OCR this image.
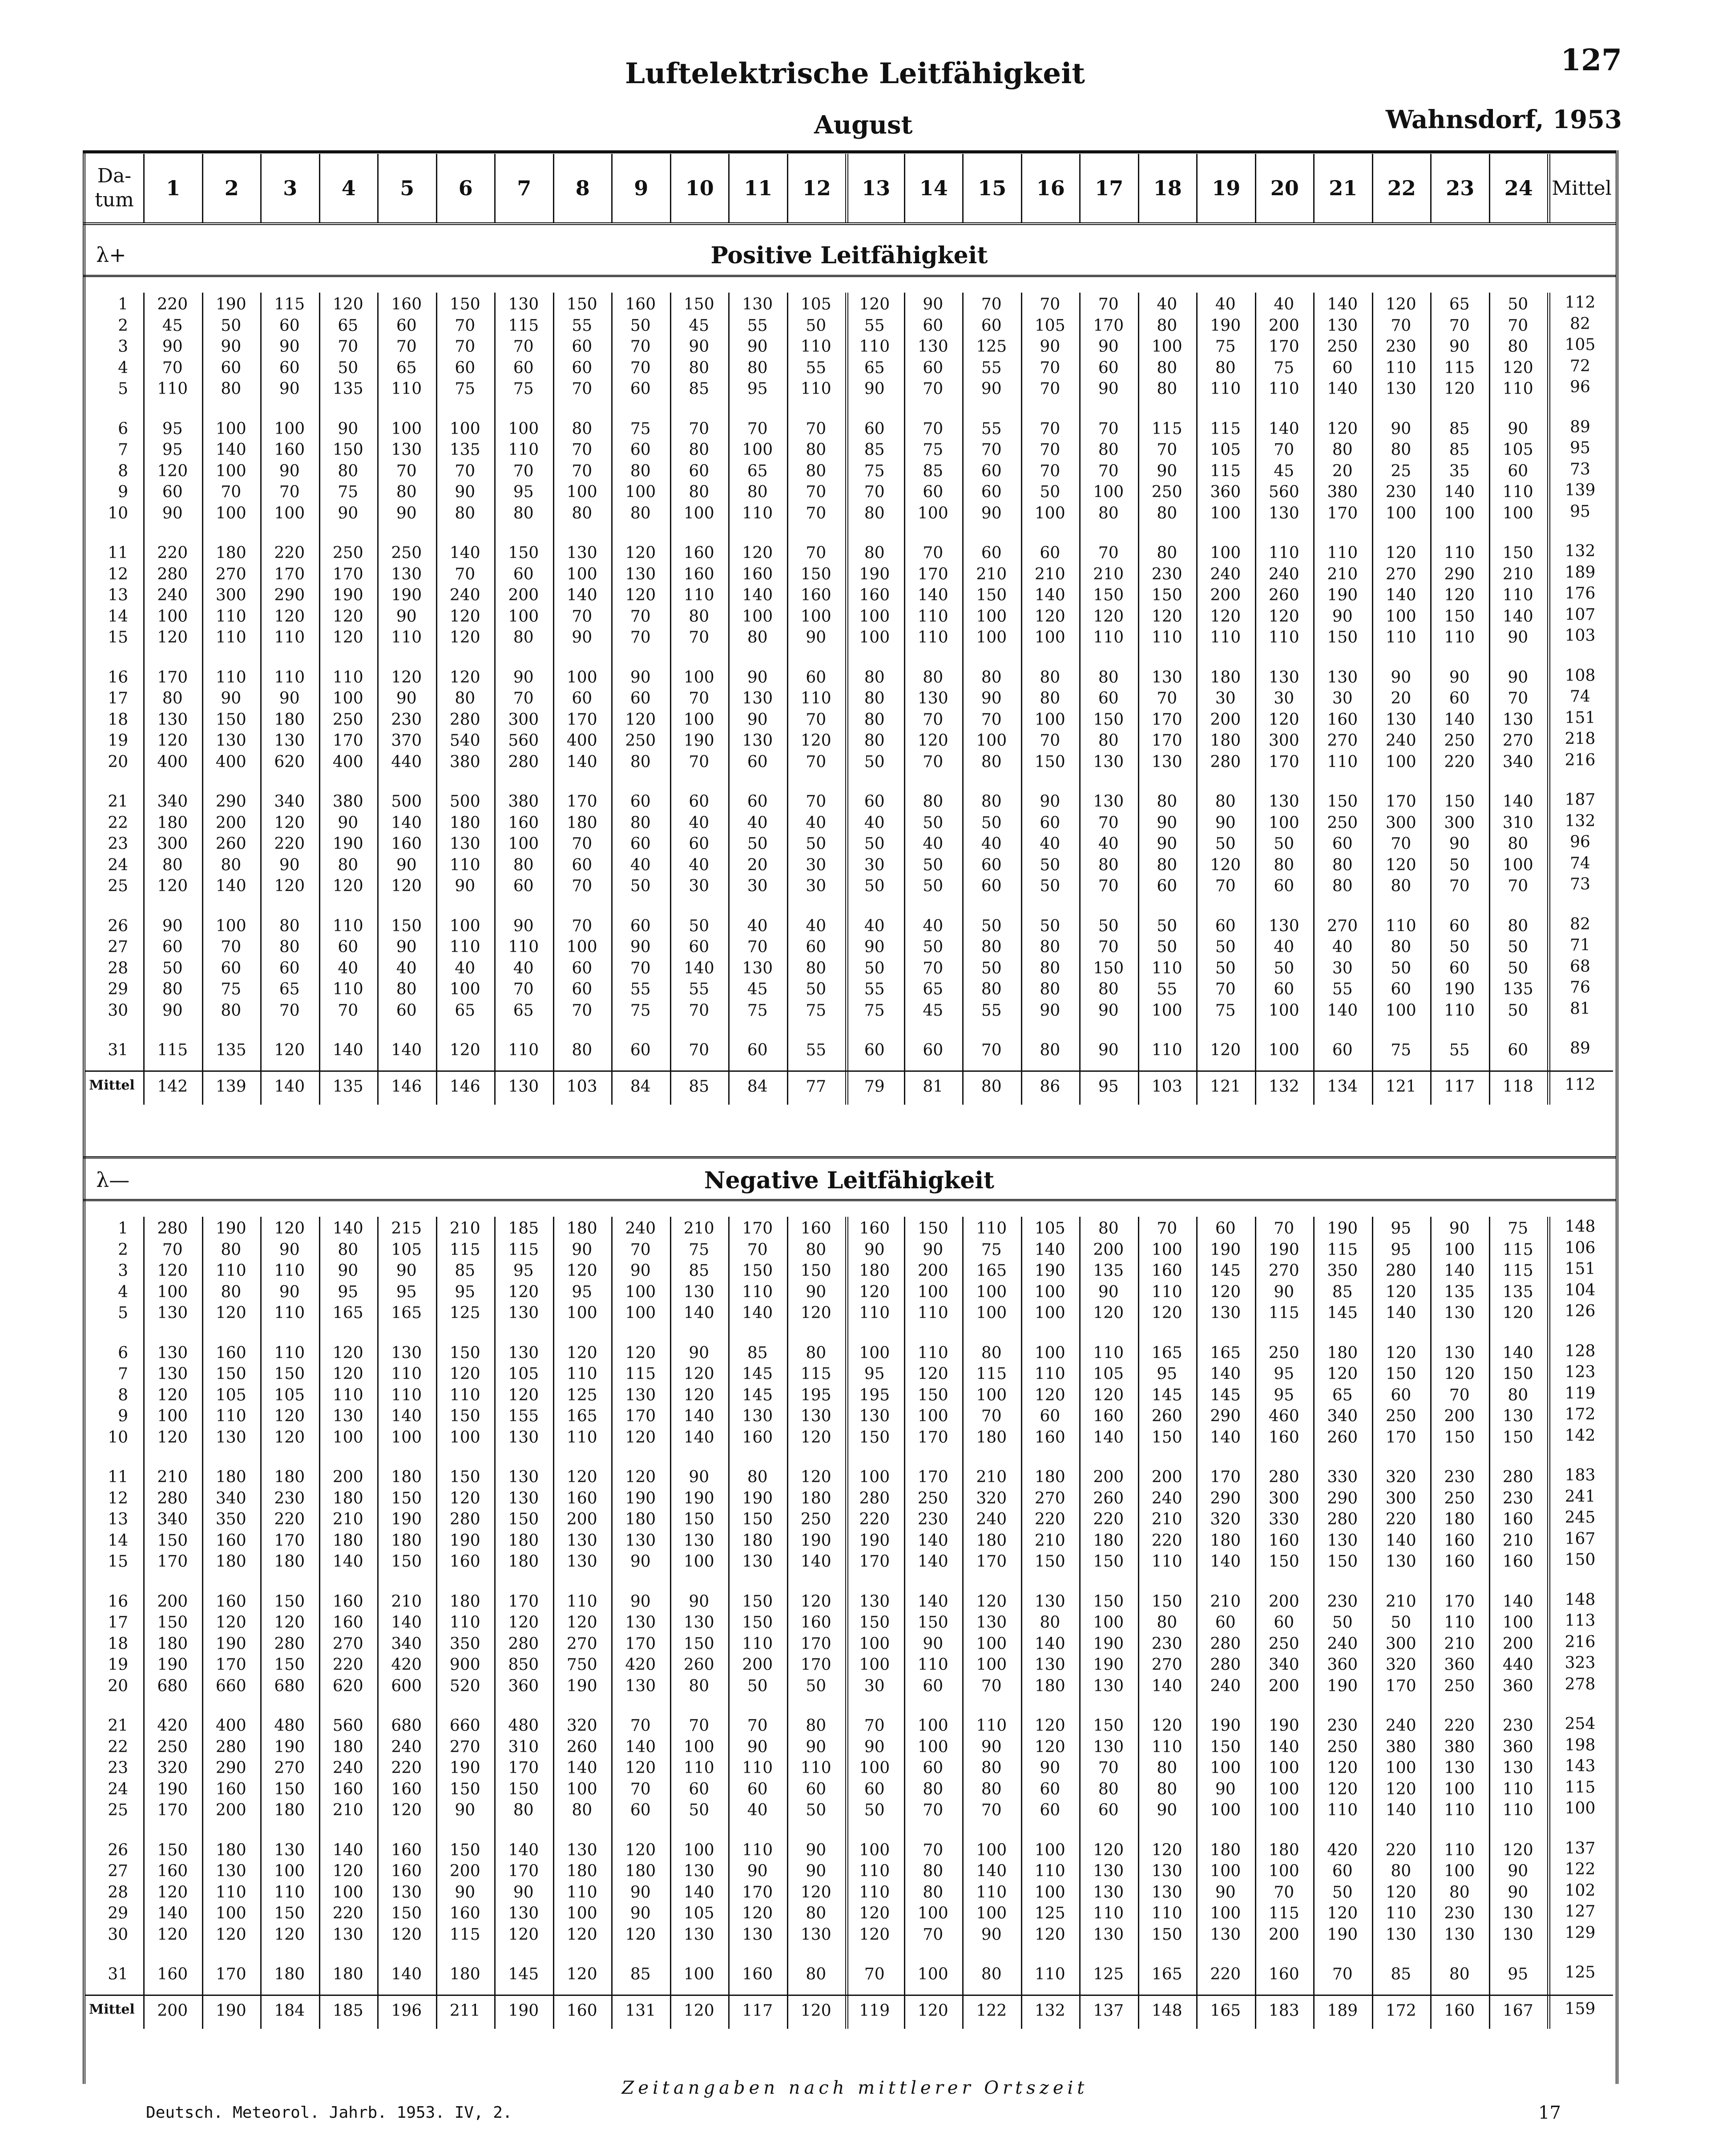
Luftelektrische Leitfähigkeit	127
August	Wahnsdorf, 1953
Da-
tum	1	2	3	4	5	6	7	8	9	10	11	12	13	14	15	16	17	18	19	20	21	22	23	24 Mittel
λ+	Positive Leitfähigkeit
1	220	190	115	120	160	150	130	150	160	150	130	105	120	90	70	70	70	40	40	40	140	120	65	50	112
2	45	50	60	65	60	70	115	55	50	45	55	50	55	60	60	105	170	80	190	200	130	70	70	70	82
3	90	90	90	70	70	70	70	60	70	90	90	110	110	130	125	90	90	100	75	170	250	230	90	80	105
4	70	60	60	50	65	60	60	60	70	80	80	55	65	60	55	70	60	80	80	75	60	110	115	120	72
5	110	80	90	135	110	75	75	70	60	85	95	110	90	70	90	70	90	80	110	110	140	130	120	110	96
6	95	100	100	90	100	100	100	80	75	70	70	70	60	70	55	70	70	115	115	140	120	90	85	90	89
7	95	140	160	150	130	135	110	70	60	80	100	80	85	75	70	70	80	70	105	70	80	80	85	105	95
8	120	100	90	80	70	70	70	70	80	60	65	80	75	85	60	70	70	90	115	45	20	25	35	60	73
9	60	70	70	75	80	90	95	100	100	80	80	70	70	60	60	50	100	250	360	560	380	230	140	110	139
10	90	100	100	90	90	80	80	80	80	100	110	70	80	100	90	100	80	80	100	130	170	100	100	100	95
11	220	180	220	250	250	140	150	130	120	160	120	70	80	70	60	60	70	80	100	110	110	120	110	150	132
12	280	270	170	170	130	70	60	100	130	160	160	150	190	170	210	210	210	230	240	240	210	270	290	210	189
13	240	300	290	190	190	240	200	140	120	110	140	160	160	140	150	140	150	150	200	260	190	140	120	110	176
14	100	110	120	120	90	120	100	70	70	80	100	100	100	110	100	120	120	120	120	120	90	100	150	140	107
15	120	110	110	120	110	120	80	90	70	70	80	90	100	110	100	100	110	110	110	110	150	110	110	90	103
16	170	110	110	110	120	120	90	100	90	100	90	60	80	80	80	80	80	130	180	130	130	90	90	90	108
17	80	90	90	100	90	80	70	60	60	70	130	110	80	130	90	80	60	70	30	30	30	20	60	70	74
18	130	150	180	250	230	280	300	170	120	100	90	70	80	70	70	100	150	170	200	120	160	130	140	130	151
19	120	130	130	170	370	540	560	400	250	190	130	120	80	120	100	70	80	170	180	300	270	240	250	270	218
20	400	400	620	400	440	380	280	140	80	70	60	70	50	70	80	150	130	130	280	170	110	100	220	340	216
21	340	290	340	380	500	500	380	170	60	60	60	70	60	80	80	90	130	80	80	130	150	170	150	140	187
22	180	200	120	90	140	180	160	180	80	40	40	40	40	50	50	60	70	90	90	100	250	300	300	310	132
23	300	260	220	190	160	130	100	70	60	60	50	50	50	40	40	40	40	90	50	50	60	70	90	80	96
24	80	80	90	80	90	110	80	60	40	40	20	30	30	50	60	50	80	80	120	80	80	120	50	100	74
25	120	140	120	120	120	90	60	70	50	30	30	30	50	50	60	50	70	60	70	60	80	80	70	70	73
26	90	100	80	110	150	100	90	70	60	50	40	40	40	40	50	50	50	50	60	130	270	110	60	80	82
27	60	70	80	60	90	110	110	100	90	60	70	60	90	50	80	80	70	50	50	40	40	80	50	50	71
28	50	60	60	40	40	40	40	60	70	140	130	80	50	70	50	80	150	110	50	50	30	50	60	50	68
29	80	75	65	110	80	100	70	60	55	55	45	50	55	65	80	80	80	55	70	60	55	60	190	135	76
30	90	80	70	70	60	65	65	70	75	70	75	75	75	45	55	90	90	100	75	100	140	100	110	50	81
31	115	135	120	140	140	120	110	80	60	70	60	55	60	60	70	80	90	110	120	100	60	75	55	60	89
Mittel	142	139	140	135	146	146	130	103	84	85	84	77	79	81	80	86	95	103	121	132	134	121	117	118	112
λ—	Negative Leitfähigkeit
1	280	190	120	140	215	210	185	180	240	210	170	160	160	150	110	105	80	70	60	70	190	95	90	75	148
2	70	80	90	80	105	115	115	90	70	75	70	80	90	90	75	140	200	100	190	190	115	95	100	115	106
3	120	110	110	90	90	85	95	120	90	85	150	150	180	200	165	190	135	160	145	270	350	280	140	115	151
4	100	80	90	95	95	95	120	95	100	130	110	90	120	100	100	100	90	110	120	90	85	120	135	135	104
5	130	120	110	165	165	125	130	100	100	140	140	120	110	110	100	100	120	120	130	115	145	140	130	120	126
6	130	160	110	120	130	150	130	120	120	90	85	80	100	110	80	100	110	165	165	250	180	120	130	140	128
7	130	150	150	120	110	120	105	110	115	120	145	115	95	120	115	110	105	95	140	95	120	150	120	150	123
8	120	105	105	110	110	110	120	125	130	120	145	195	195	150	100	120	120	145	145	95	65	60	70	80	119
9	100	110	120	130	140	150	155	165	170	140	130	130	130	100	70	60	160	260	290	460	340	250	200	130	172
10	120	130	120	100	100	100	130	110	120	140	160	120	150	170	180	160	140	150	140	160	260	170	150	150	142
11	210	180	180	200	180	150	130	120	120	90	80	120	100	170	210	180	200	200	170	280	330	320	230	280	183
12	280	340	230	180	150	120	130	160	190	190	190	180	280	250	320	270	260	240	290	300	290	300	250	230	241
13	340	350	220	210	190	280	150	200	180	150	150	250	220	230	240	220	220	210	320	330	280	220	180	160	245
14	150	160	170	180	180	190	180	130	130	130	180	190	190	140	180	210	180	220	180	160	130	140	160	210	167
15	170	180	180	140	150	160	180	130	90	100	130	140	170	140	170	150	150	110	140	150	150	130	160	160	150
16	200	160	150	160	210	180	170	110	90	90	150	120	130	140	120	130	150	150	210	200	230	210	170	140	148
17	150	120	120	160	140	110	120	120	130	130	150	160	150	150	130	80	100	80	60	60	50	50	110	100	113
18	180	190	280	270	340	350	280	270	170	150	110	170	100	90	100	140	190	230	280	250	240	300	210	200	216
19	190	170	150	220	420	900	850	750	420	260	200	170	100	110	100	130	190	270	280	340	360	320	360	440	323
20	680	660	680	620	600	520	360	190	130	80	50	50	30	60	70	180	130	140	240	200	190	170	250	360	278
21	420	400	480	560	680	660	480	320	70	70	70	80	70	100	110	120	150	120	190	190	230	240	220	230	254
22	250	280	190	180	240	270	310	260	140	100	90	90	90	100	90	120	130	110	150	140	250	380	380	360	198
23	320	290	270	240	220	190	170	140	120	110	110	110	100	60	80	90	70	80	100	100	120	100	130	130	143
24	190	160	150	160	160	150	150	100	70	60	60	60	60	80	80	60	80	80	90	100	120	120	100	110	115
25	170	200	180	210	120	90	80	80	60	50	40	50	50	70	70	60	60	90	100	100	110	140	110	110	100
26	150	180	130	140	160	150	140	130	120	100	110	90	100	70	100	100	120	120	180	180	420	220	110	120	137
27	160	130	100	120	160	200	170	180	180	130	90	90	110	80	140	110	130	130	100	100	60	80	100	90	122
28	120	110	110	100	130	90	90	110	90	140	170	120	110	80	110	100	130	130	90	70	50	120	80	90	102
29	140	100	150	220	150	160	130	100	90	105	120	80	120	100	100	125	110	110	100	115	120	110	230	130	127
30	120	120	120	130	120	115	120	120	120	130	130	130	120	70	90	120	130	150	130	200	190	130	130	130	129
31	160	170	180	180	140	180	145	120	85	100	160	80	70	100	80	110	125	165	220	160	70	85	80	95	125
Mittel	200	190	184	185	196	211	190	160	131	120	117	120	119	120	122	132	137	148	165	183	189	172	160	167	159
Zeitangaben nach mittlerer Ortszeit
Deutsch. Meteorol. Jahrb. 1953. IV, 2.	17
